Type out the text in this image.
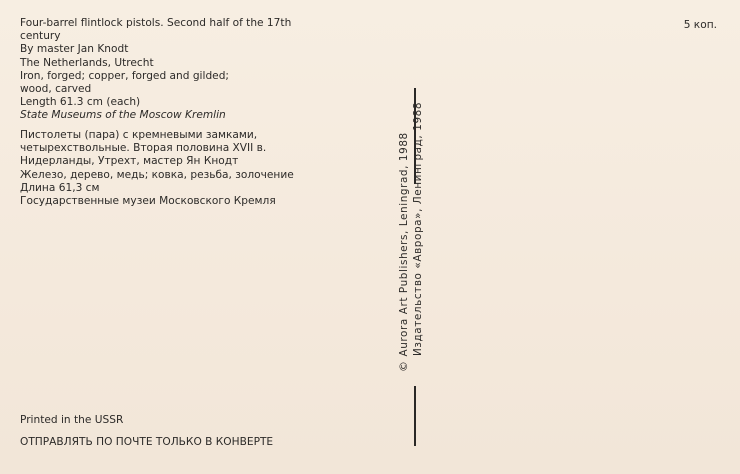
Four-barrel flintlock pistols. Second half of the 17th
century
By master Jan Knodt
The Netherlands, Utrecht
Iron, forged; copper, forged and gilded;
wood, carved
Length 61.3 cm (each)
State Museums of the Moscow Kremlin
Пистолеты (пара) с кремневыми замками,
четырехствольные. Вторая половина XVII в.
Нидерланды, Утрехт, мастер Ян Кнодт
Железо, дерево, медь; ковка, резьба, золочение
Длина 61,3 см
Государственные музеи Московского Кремля
5 коп.
© Aurora Art Publishers, Leningrad, 1988 Издательство «Аврора», Ленинград, 1988
Printed in the USSR
ОТПРАВЛЯТЬ ПО ПОЧТЕ ТОЛЬКО В КОНВЕРТЕ
